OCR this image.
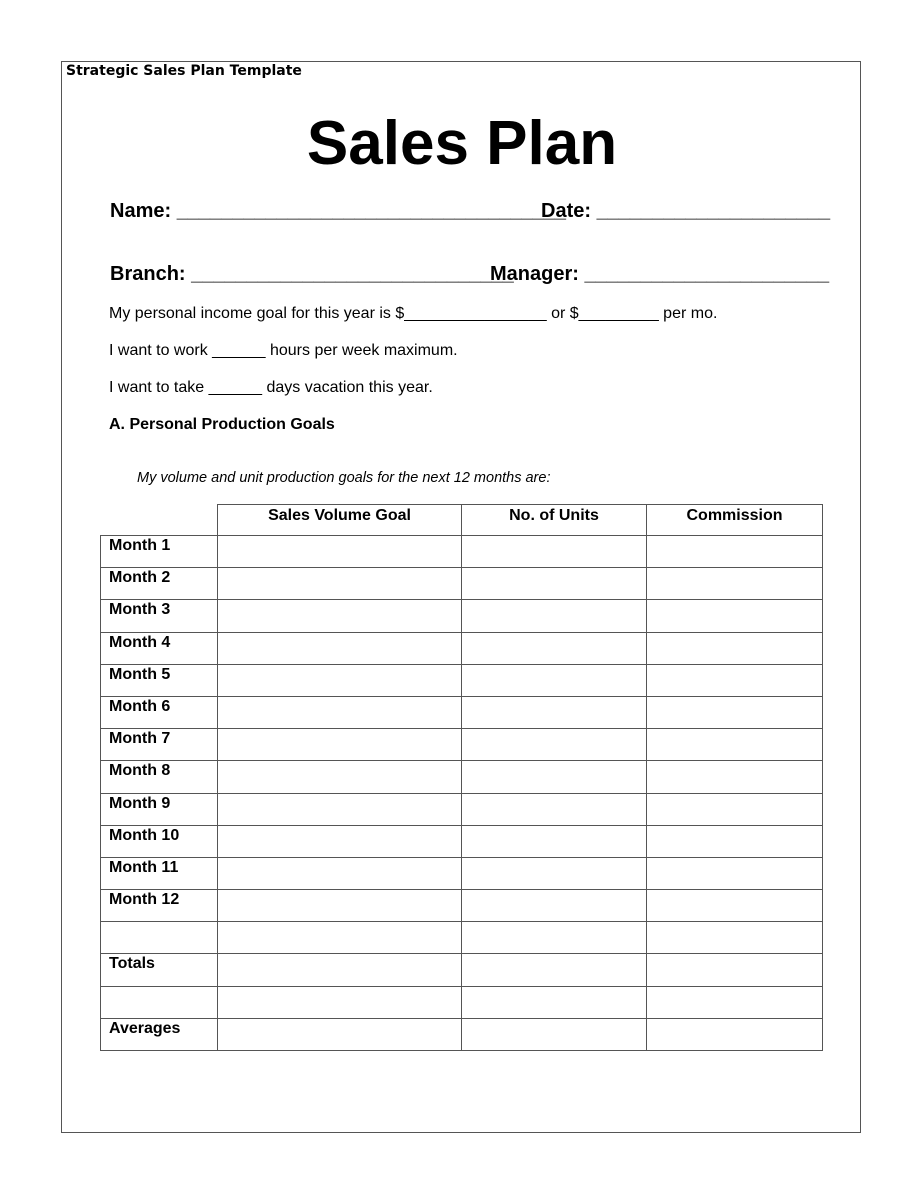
Strategic Sales Plan Template
Sales Plan
Name: ___________________________________
Date: _____________________
Branch: _____________________________
Manager: ______________________
My personal income goal for this year is $________________ or $_________ per mo.
I want to work ______ hours per week maximum.
I want to take ______ days vacation this year.
A. Personal Production Goals
My volume and unit production goals for the next 12 months are:
	Sales Volume Goal	No. of Units	Commission
Month 1			
Month 2			
Month 3			
Month 4			
Month 5			
Month 6			
Month 7			
Month 8			
Month 9			
Month 10			
Month 11			
Month 12			

Totals			

Averages			
